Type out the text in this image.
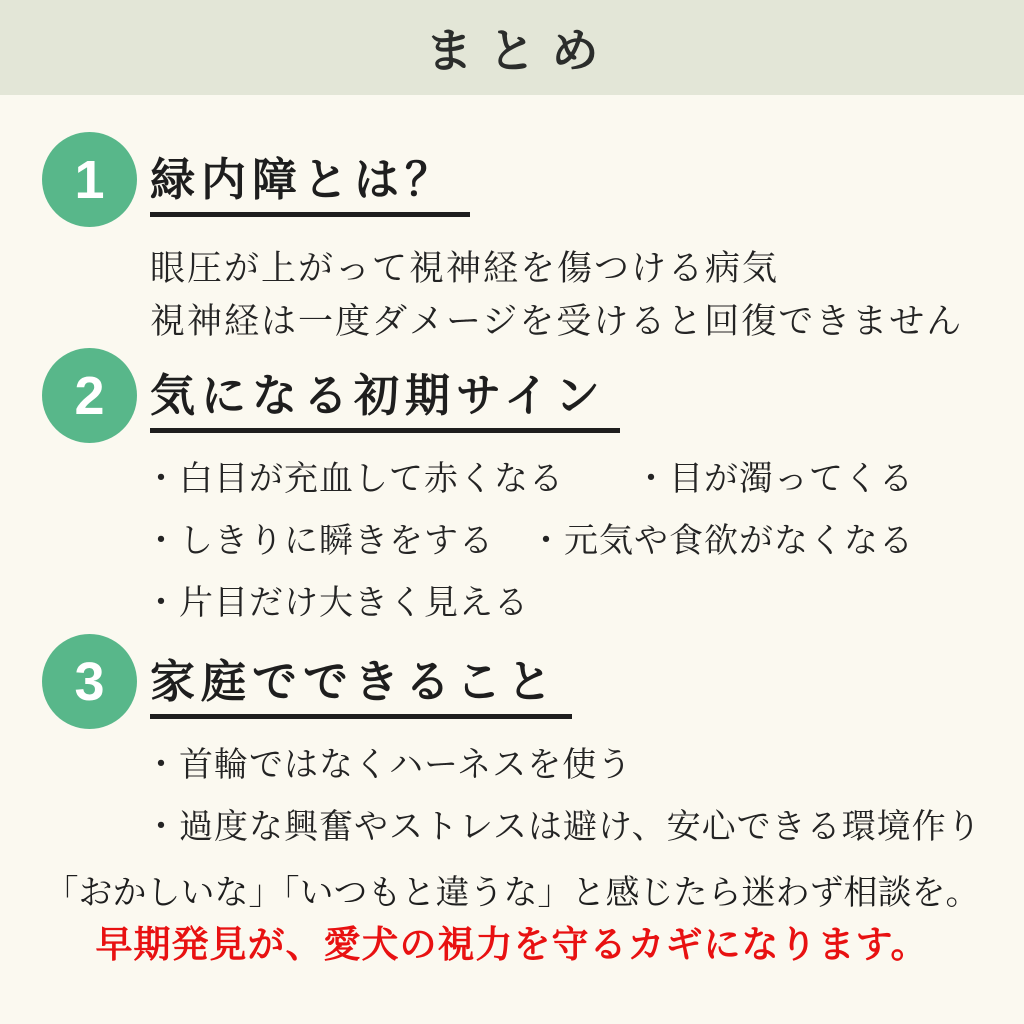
まとめ
1	緑内障とは？
眼圧が上がって視神経を傷つける病気
視神経は一度ダメージを受けると回復できません
2	気になる初期サイン
・白目が充血して赤くなる　　・目が濁ってくる
・しきりに瞬きをする　・元気や食欲がなくなる
・片目だけ大きく見える
3	家庭でできること
・首輪ではなくハーネスを使う
・過度な興奮やストレスは避け、安心できる環境作り
「おかしいな」「いつもと違うな」と感じたら迷わず相談を。
早期発見が、愛犬の視力を守るカギになります。
